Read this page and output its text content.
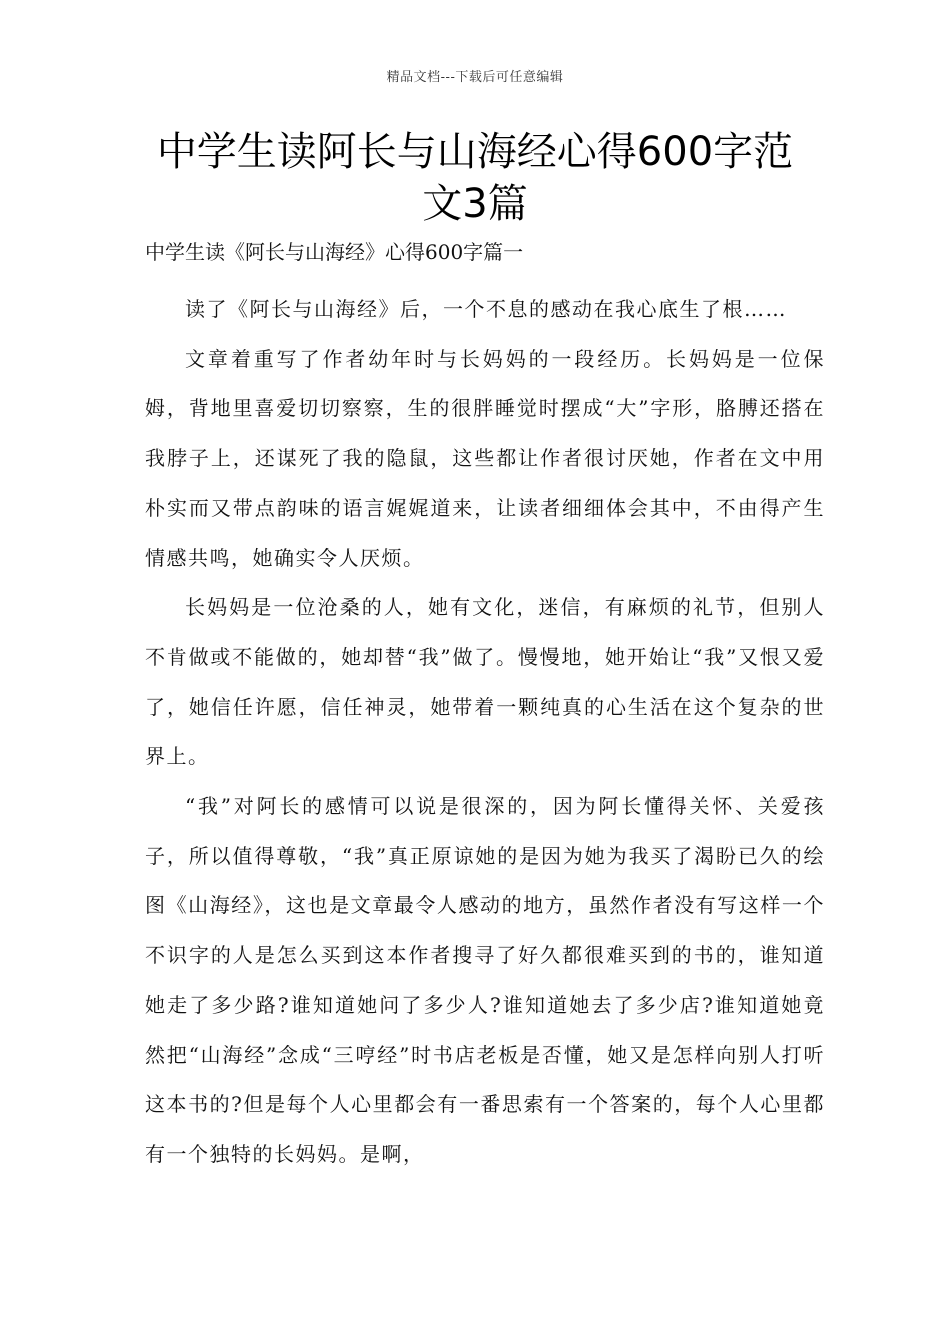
精品文档---下载后可任意编辑
中学生读阿长与山海经心得600字范文3篇
中学生读《阿长与山海经》心得600字篇一

读了《阿长与山海经》后，一个不息的感动在我心底生了根……

文章着重写了作者幼年时与长妈妈的一段经历。长妈妈是一位保姆，背地里喜爱切切察察，生的很胖睡觉时摆成“大”字形，胳膊还搭在我脖子上，还谋死了我的隐鼠，这些都让作者很讨厌她，作者在文中用朴实而又带点韵味的语言娓娓道来，让读者细细体会其中，不由得产生情感共鸣，她确实令人厌烦。

长妈妈是一位沧桑的人，她有文化，迷信，有麻烦的礼节，但别人不肯做或不能做的，她却替“我”做了。慢慢地，她开始让“我”又恨又爱了，她信任许愿，信任神灵，她带着一颗纯真的心生活在这个复杂的世界上。

“我”对阿长的感情可以说是很深的，因为阿长懂得关怀、关爱孩子，所以值得尊敬，“我”真正原谅她的是因为她为我买了渴盼已久的绘图《山海经》，这也是文章最令人感动的地方，虽然作者没有写这样一个不识字的人是怎么买到这本作者搜寻了好久都很难买到的书的，谁知道她走了多少路?谁知道她问了多少人?谁知道她去了多少店?谁知道她竟然把“山海经”念成“三哼经”时书店老板是否懂，她又是怎样向别人打听这本书的?但是每个人心里都会有一番思索有一个答案的，每个人心里都有一个独特的长妈妈。是啊，
